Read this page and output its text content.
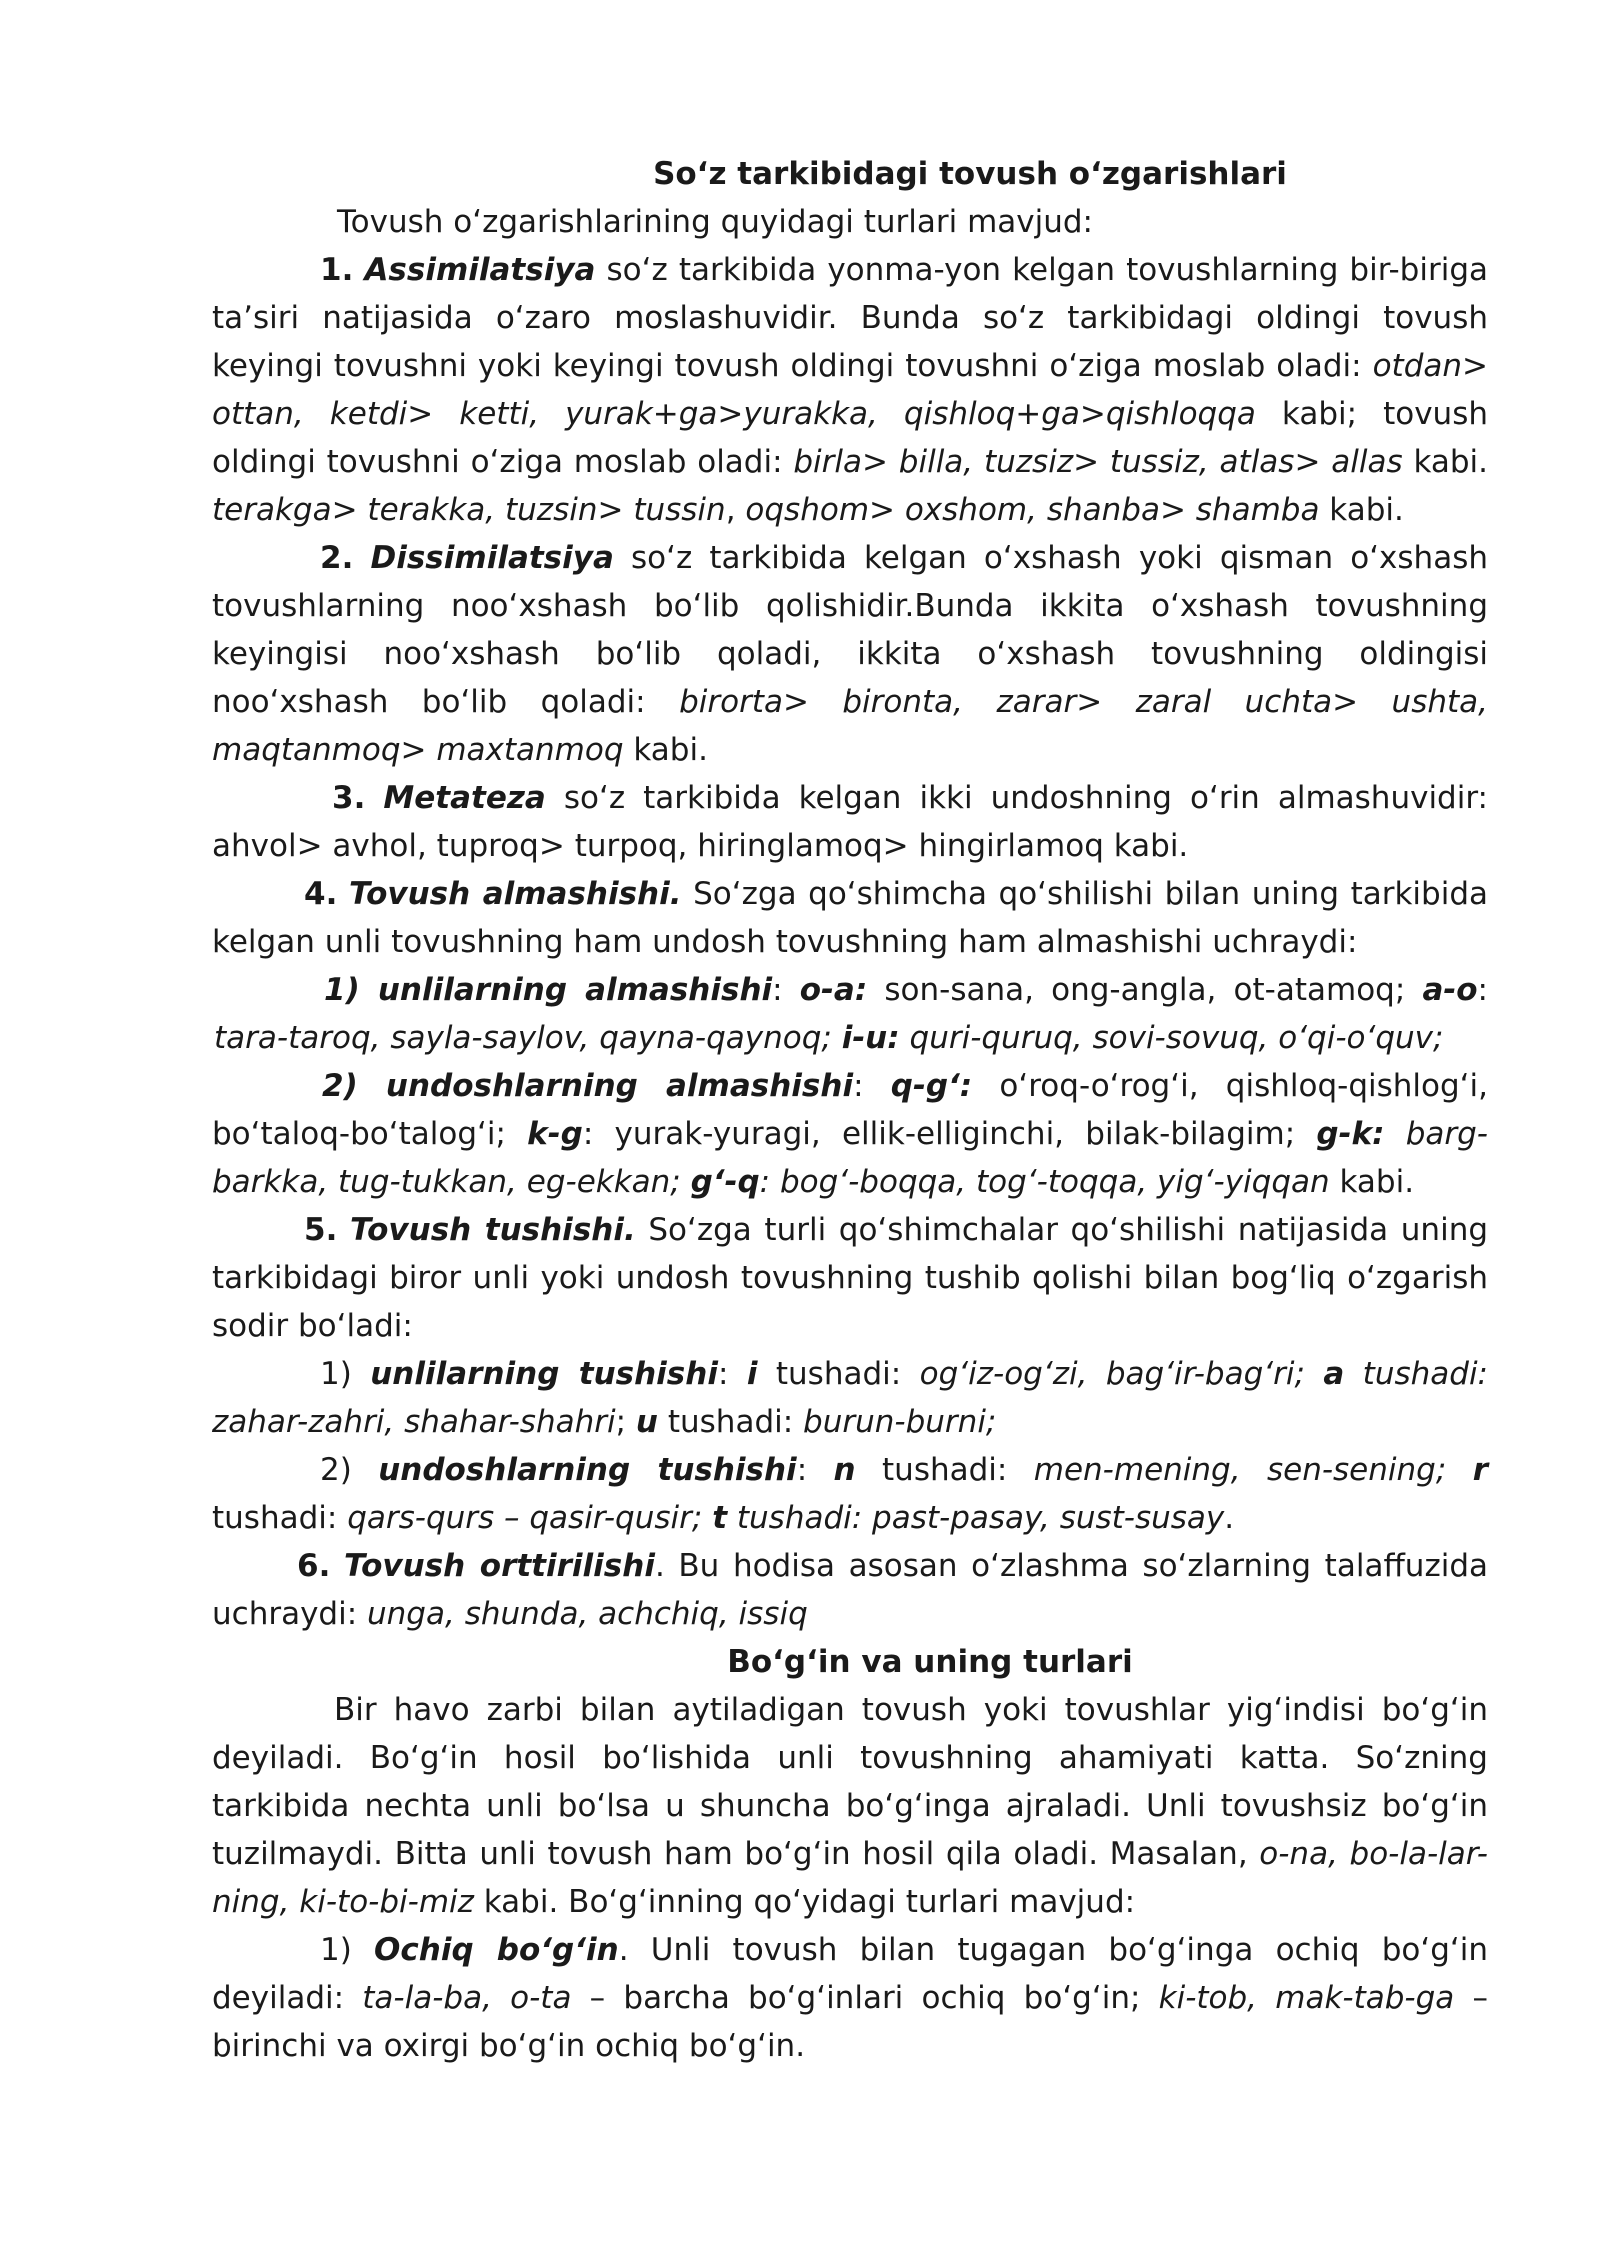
So‘z tarkibidagi tovush o‘zgarishlari

Tovush o‘zgarishlarining quyidagi turlari mavjud:

1. Assimilatsiya so‘z tarkibida yonma-yon kelgan tovushlarning bir-biriga ta’siri natijasida o‘zaro moslashuvidir. Bunda so‘z tarkibidagi oldingi tovush keyingi tovushni yoki keyingi tovush oldingi tovushni o‘ziga moslab oladi: otdan> ottan, ketdi> ketti, yurak+ga>yurakka, qishloq+ga>qishloqqa kabi; tovush oldingi tovushni o‘ziga moslab oladi: birla> billa, tuzsiz> tussiz, atlas> allas kabi. terakga> terakka, tuzsin> tussin, oqshom> oxshom, shanba> shamba kabi.

2. Dissimilatsiya so‘z tarkibida kelgan o‘xshash yoki qisman o‘xshash tovushlarning noo‘xshash bo‘lib qolishidir.Bunda ikkita o‘xshash tovushning keyingisi noo‘xshash bo‘lib qoladi, ikkita o‘xshash tovushning oldingisi noo‘xshash bo‘lib qoladi: birorta> bironta, zarar> zaral uchta> ushta, maqtanmoq> maxtanmoq kabi.

3. Metateza so‘z tarkibida kelgan ikki undoshning o‘rin almashuvidir: ahvol> avhol, tuproq> turpoq, hiringlamoq> hingirlamoq kabi.

4. Tovush almashishi. So‘zga qo‘shimcha qo‘shilishi bilan uning tarkibida kelgan unli tovushning ham undosh tovushning ham almashishi uchraydi:

1) unlilarning almashishi: o-a: son-sana, ong-angla, ot-atamoq; a-o: tara-taroq, sayla-saylov, qayna-qaynoq; i-u: quri-quruq, sovi-sovuq, o‘qi-o‘quv;

2) undoshlarning almashishi: q-g‘: o‘roq-o‘rog‘i, qishloq-qishlog‘i, bo‘taloq-bo‘talog‘i; k-g: yurak-yuragi, ellik-elliginchi, bilak-bilagim; g-k: barg-barkka, tug-tukkan, eg-ekkan; g‘-q: bog‘-boqqa, tog‘-toqqa, yig‘-yiqqan kabi.

5. Tovush tushishi. So‘zga turli qo‘shimchalar qo‘shilishi natijasida uning tarkibidagi biror unli yoki undosh tovushning tushib qolishi bilan bog‘liq o‘zgarish sodir bo‘ladi:

1) unlilarning tushishi: i tushadi: og‘iz-og‘zi, bag‘ir-bag‘ri; a tushadi: zahar-zahri, shahar-shahri; u tushadi: burun-burni;

2) undoshlarning tushishi: n tushadi: men-mening, sen-sening; r tushadi: qars-qurs – qasir-qusir; t tushadi: past-pasay, sust-susay.

6. Tovush orttirilishi. Bu hodisa asosan o‘zlashma so‘zlarning talaffuzida uchraydi: unga, shunda, achchiq, issiq

Bo‘g‘in va uning turlari

Bir havo zarbi bilan aytiladigan tovush yoki tovushlar yig‘indisi bo‘g‘in deyiladi. Bo‘g‘in hosil bo‘lishida unli tovushning ahamiyati katta. So‘zning tarkibida nechta unli bo‘lsa u shuncha bo‘g‘inga ajraladi. Unli tovushsiz bo‘g‘in tuzilmaydi. Bitta unli tovush ham bo‘g‘in hosil qila oladi. Masalan, o-na, bo-la-lar-ning, ki-to-bi-miz kabi. Bo‘g‘inning qo‘yidagi turlari mavjud:

1) Ochiq bo‘g‘in. Unli tovush bilan tugagan bo‘g‘inga ochiq bo‘g‘in deyiladi: ta-la-ba, o-ta – barcha bo‘g‘inlari ochiq bo‘g‘in; ki-tob, mak-tab-ga – birinchi va oxirgi bo‘g‘in ochiq bo‘g‘in.
